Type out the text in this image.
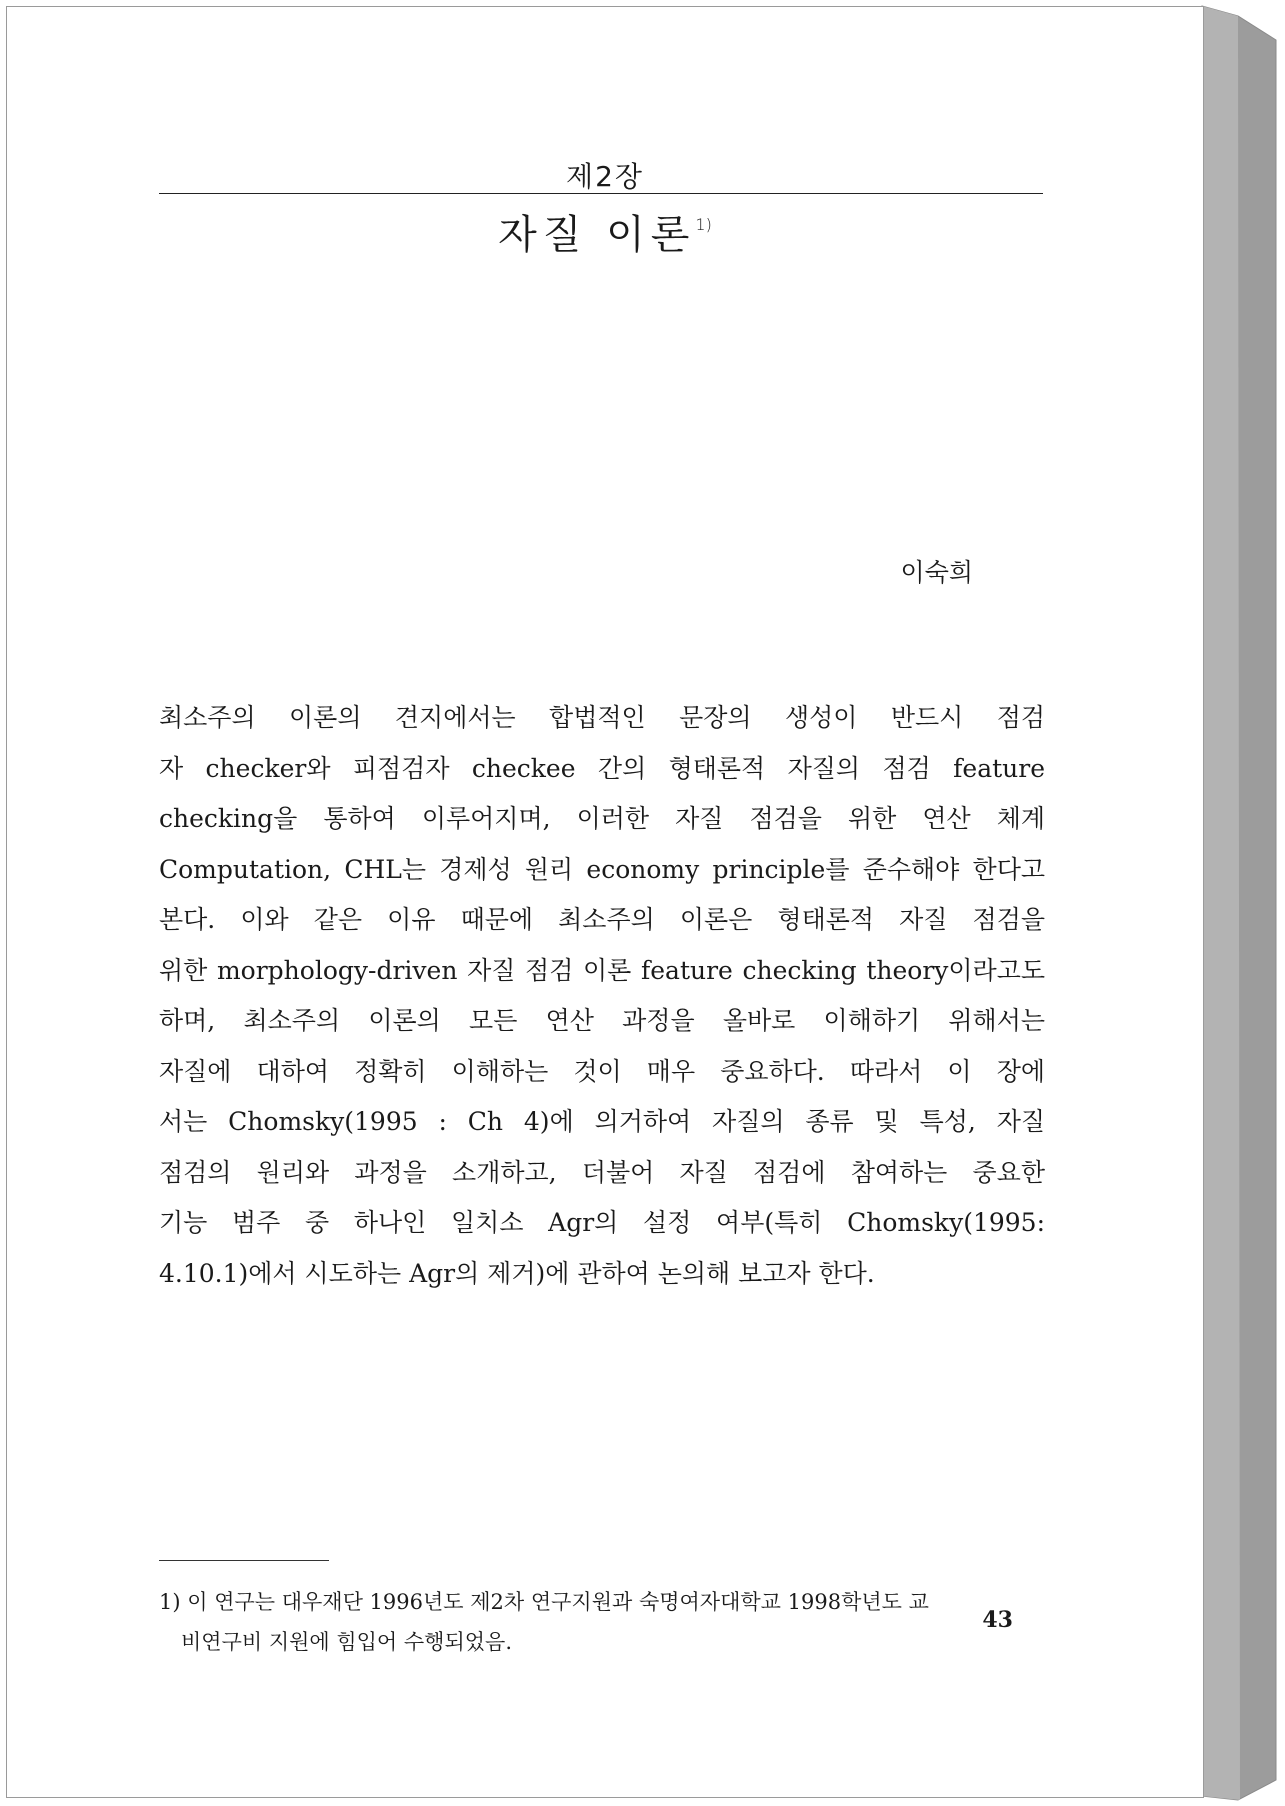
제2장
자질 이론$^{1)}$
이숙희
최소주의 이론의 견지에서는 합법적인 문장의 생성이 반드시 점검
자 checker와 피점검자 checkee 간의 형태론적 자질의 점검 feature
checking을 통하여 이루어지며, 이러한 자질 점검을 위한 연산 체계
Computation, CHL는 경제성 원리 economy principle를 준수해야 한다고
본다. 이와 같은 이유 때문에 최소주의 이론은 형태론적 자질 점검을
위한 morphology-driven 자질 점검 이론 feature checking theory이라고도
하며, 최소주의 이론의 모든 연산 과정을 올바로 이해하기 위해서는
자질에 대하여 정확히 이해하는 것이 매우 중요하다. 따라서 이 장에
서는 Chomsky(1995 : Ch 4)에 의거하여 자질의 종류 및 특성, 자질
점검의 원리와 과정을 소개하고, 더불어 자질 점검에 참여하는 중요한
기능 범주 중 하나인 일치소 Agr의 설정 여부(특히 Chomsky(1995:
4.10.1)에서 시도하는 Agr의 제거)에 관하여 논의해 보고자 한다.
1) 이 연구는 대우재단 1996년도 제2차 연구지원과 숙명여자대학교 1998학년도 교
비연구비 지원에 힘입어 수행되었음.
43
